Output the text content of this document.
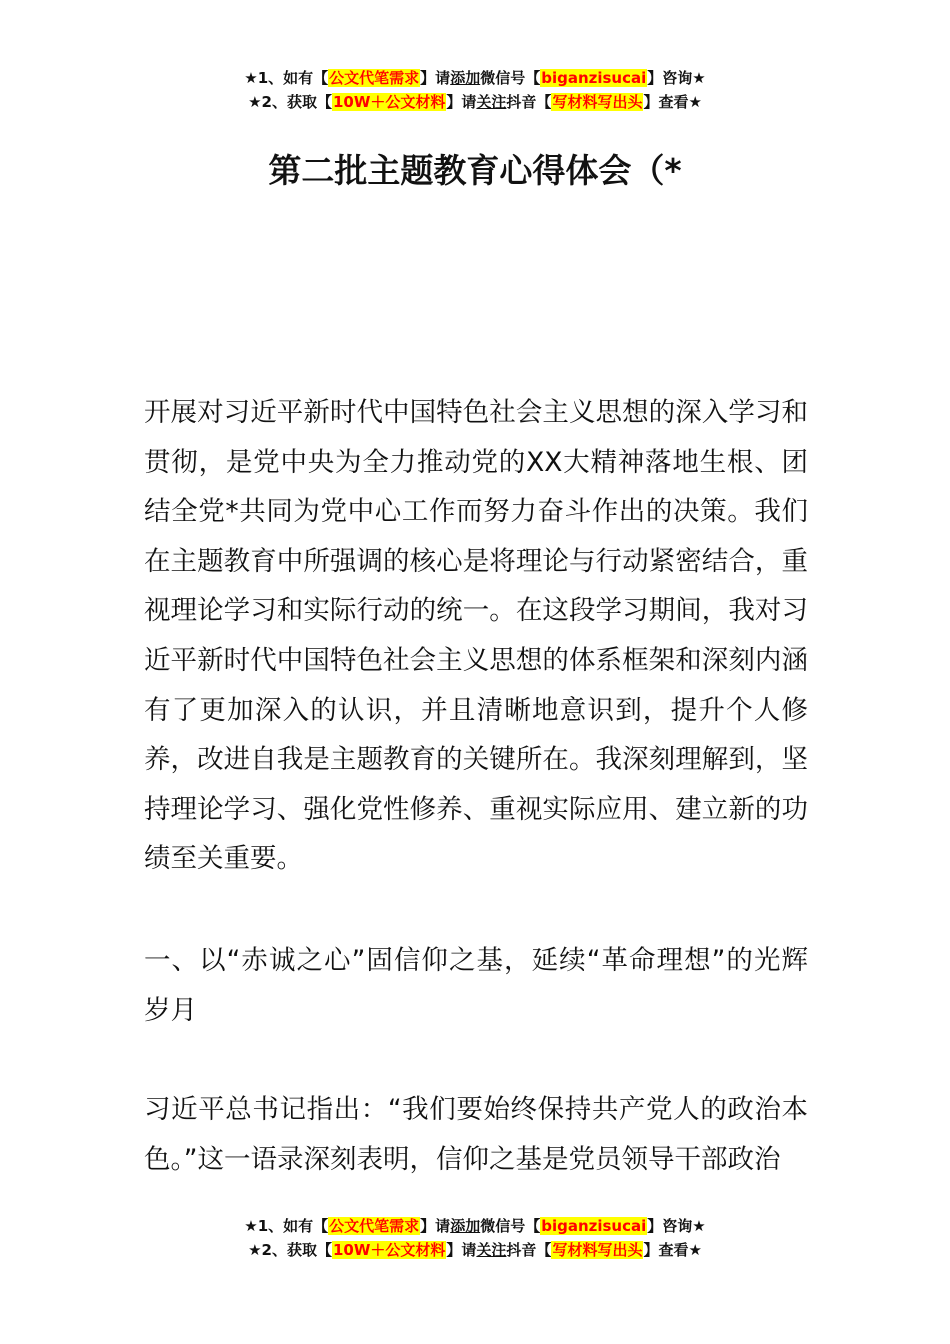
★1、如有【公文代笔需求】请添加微信号【biganzisucai】咨询★
★2、获取【10W＋公文材料】请关注抖音【写材料写出头】查看★
第二批主题教育心得体会（*

开展对习近平新时代中国特色社会主义思想的深入学习和贯彻，是党中央为全力推动党的XX大精神落地生根、团结全党*共同为党中心工作而努力奋斗作出的决策。我们在主题教育中所强调的核心是将理论与行动紧密结合，重视理论学习和实际行动的统一。在这段学习期间，我对习近平新时代中国特色社会主义思想的体系框架和深刻内涵有了更加深入的认识，并且清晰地意识到，提升个人修养，改进自我是主题教育的关键所在。我深刻理解到，坚持理论学习、强化党性修养、重视实际应用、建立新的功绩至关重要。

一、以“赤诚之心”固信仰之基，延续“革命理想”的光辉岁月

习近平总书记指出：“我们要始终保持共产党人的政治本色。”这一语录深刻表明，信仰之基是党员领导干部政治

★1、如有【公文代笔需求】请添加微信号【biganzisucai】咨询★
★2、获取【10W＋公文材料】请关注抖音【写材料写出头】查看★
